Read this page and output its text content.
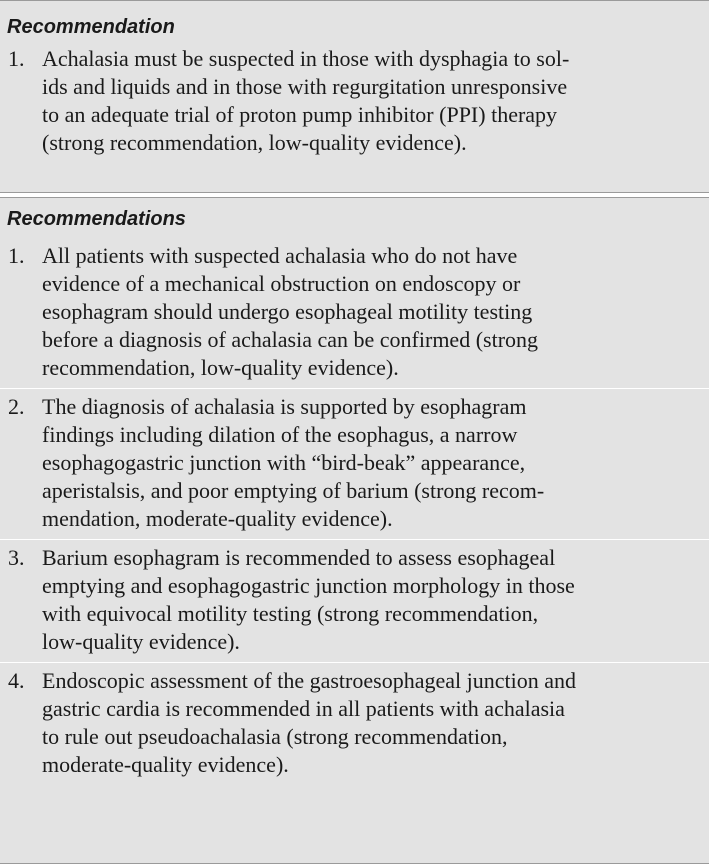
Recommendation
1. Achalasia must be suspected in those with dysphagia to sol-
ids and liquids and in those with regurgitation unresponsive
to an adequate trial of proton pump inhibitor (PPI) therapy
(strong recommendation, low-quality evidence).
Recommendations
1. All patients with suspected achalasia who do not have
evidence of a mechanical obstruction on endoscopy or
esophagram should undergo esophageal motility testing
before a diagnosis of achalasia can be confirmed (strong
recommendation, low-quality evidence).
2. The diagnosis of achalasia is supported by esophagram
findings including dilation of the esophagus, a narrow
esophagogastric junction with “bird-beak” appearance,
aperistalsis, and poor emptying of barium (strong recom-
mendation, moderate-quality evidence).
3. Barium esophagram is recommended to assess esophageal
emptying and esophagogastric junction morphology in those
with equivocal motility testing (strong recommendation,
low-quality evidence).
4. Endoscopic assessment of the gastroesophageal junction and
gastric cardia is recommended in all patients with achalasia
to rule out pseudoachalasia (strong recommendation,
moderate-quality evidence).
